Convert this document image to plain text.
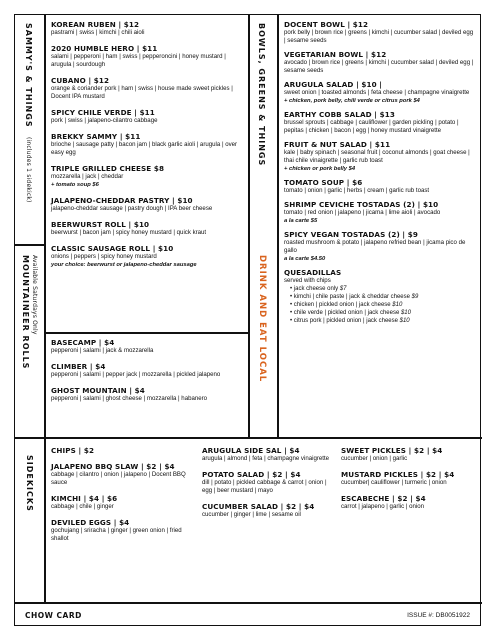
SAMMY'S & THINGS (includes 1 sidekick)
MOUNTAINEER ROLLS Available Saturdays Only
BOWLS, GREENS & THINGS
DRINK AND EAT LOCAL
SIDEKICKS
KOREAN RUBEN | $12
pastrami | swiss | kimchi | chili aioli
2020 HUMBLE HERO | $11
salami | pepperoni | ham | swiss | pepperoncini | honey mustard | arugula | sourdough
CUBANO | $12
orange & coriander pork | ham | swiss | house made sweet pickles | Docent IPA mustard
SPICY CHILE VERDE | $11
pork | swiss | jalapeno-cilantro cabbage
BREKKY SAMMY | $11
brioche | sausage patty | bacon jam | black garlic aioli | arugula | over easy egg
TRIPLE GRILLED CHEESE $8
mozzarella | jack | cheddar
+ tomato soup $6
JALAPENO-CHEDDAR PASTRY | $10
jalapeno-cheddar sausage | pastry dough | IPA beer cheese
BEERWURST ROLL | $10
beerwurst | bacon jam | spicy honey mustard | quick kraut
CLASSIC SAUSAGE ROLL | $10
onions | peppers | spicy honey mustard
your choice: beerwurst or jalapeno-cheddar sausage
BASECAMP | $4
pepperoni | salami | jack & mozzarella
CLIMBER | $4
pepperoni | salami | pepper jack | mozzarella | pickled jalapeno
GHOST MOUNTAIN | $4
pepperoni | salami | ghost cheese | mozzarella | habanero
DOCENT BOWL | $12
pork belly | brown rice | greens | kimchi | cucumber salad | deviled egg | sesame seeds
VEGETARIAN BOWL | $12
avocado | brown rice | greens | kimchi | cucumber salad | deviled egg | sesame seeds
ARUGULA SALAD | $10 |
sweet onion | toasted almonds | feta cheese | champagne vinaigrette
+ chicken, pork belly, chili verde or citrus pork $4
EARTHY COBB SALAD | $13
brussel sprouts | cabbage | cauliflower | garden pickling | potato | pepitas | chicken | bacon | egg | honey mustard vinaigrette
FRUIT & NUT SALAD | $11
kale | baby spinach | seasonal fruit | coconut almonds | goat cheese | thai chile vinaigrette | garlic rub toast
+ chicken or pork belly $4
TOMATO SOUP | $6
tomato | onion | garlic | herbs | cream | garlic rub toast
SHRIMP CEVICHE TOSTADAS (2) | $10
tomato | red onion | jalapeno | jicama | lime aioli | avocado
a la carte $5
SPICY VEGAN TOSTADAS (2) | $9
roasted mushroom & potato | jalapeno refried bean | jicama pico de gallo
a la carte $4.50
QUESADILLAS
served with chips
• jack cheese only $7
• kimchi | chile paste | jack & cheddar cheese $9
• chicken | pickled onion | jack cheese $10
• chile verde | pickled onion | jack cheese $10
• citrus pork | pickled onion | jack cheese $10
CHIPS | $2
JALAPENO BBQ SLAW | $2 | $4
cabbage | cilantro | onion | jalapeno | Docent BBQ sauce
KIMCHI | $4 | $6
cabbage | chile | ginger
DEVILED EGGS | $4
gochujang | sriracha | ginger | green onion | fried shallot
ARUGULA SIDE SAL | $4
arugula | almond | feta | champagne vinaigrette
POTATO SALAD | $2 | $4
dill | potato | pickled cabbage & carrot | onion | egg | beer mustard | mayo
CUCUMBER SALAD | $2 | $4
cucumber | ginger | lime | sesame oil
SWEET PICKLES | $2 | $4
cucumber | onion | garlic
MUSTARD PICKLES | $2 | $4
cucumber| cauliflower | turmeric | onion
ESCABECHE | $2 | $4
carrot | jalapeno | garlic | onion
CHOW CARD	ISSUE #: DB0051922
